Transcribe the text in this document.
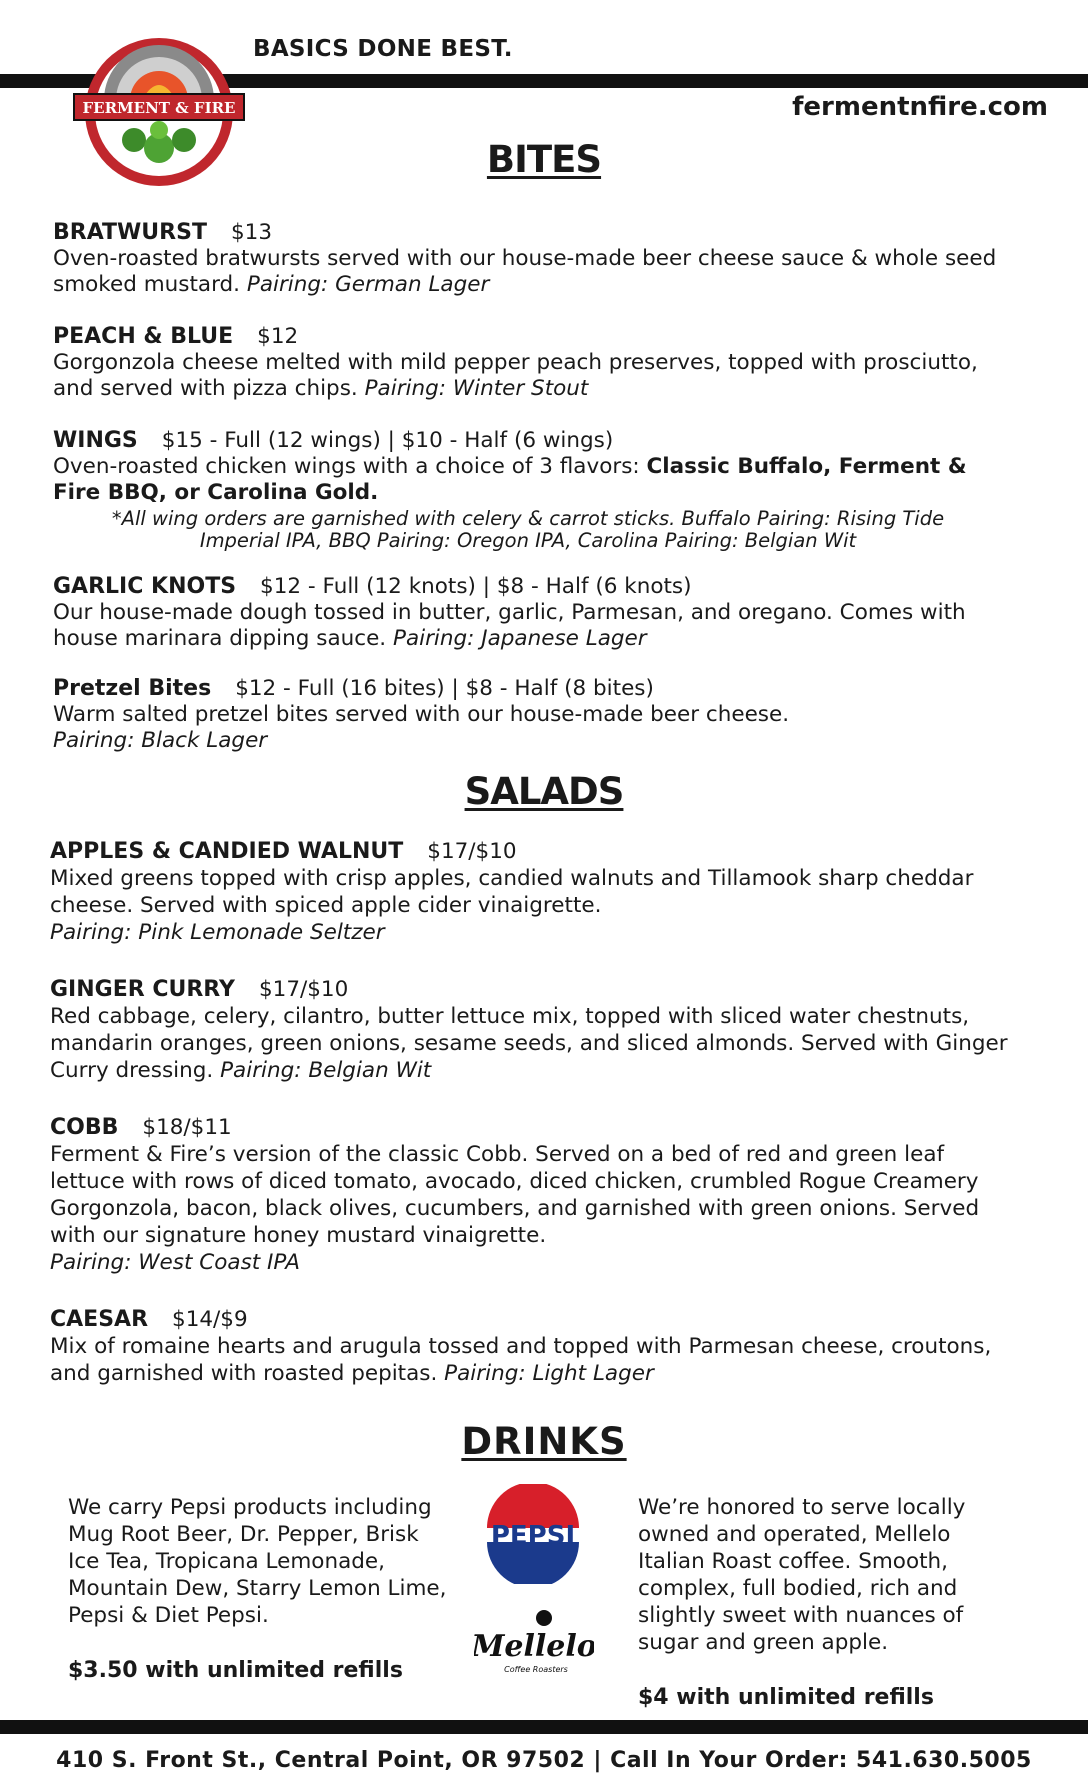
BASICS DONE BEST.
fermentnfire.com
FERMENT & FIRE
BITES

BRATWURST $13

Oven-roasted bratwursts served with our house-made beer cheese sauce & whole seed smoked mustard. Pairing: German Lager

PEACH & BLUE $12

Gorgonzola cheese melted with mild pepper peach preserves, topped with prosciutto, and served with pizza chips. Pairing: Winter Stout

WINGS $15 - Full (12 wings) | $10 - Half (6 wings)

Oven-roasted chicken wings with a choice of 3 flavors: Classic Buffalo, Ferment & Fire BBQ, or Carolina Gold.

*All wing orders are garnished with celery & carrot sticks. Buffalo Pairing: Rising Tide Imperial IPA, BBQ Pairing: Oregon IPA, Carolina Pairing: Belgian Wit

GARLIC KNOTS $12 - Full (12 knots) | $8 - Half (6 knots)

Our house-made dough tossed in butter, garlic, Parmesan, and oregano. Comes with house marinara dipping sauce. Pairing: Japanese Lager

Pretzel Bites $12 - Full (16 bites) | $8 - Half (8 bites)

Warm salted pretzel bites served with our house-made beer cheese.

Pairing: Black Lager

SALADS

APPLES & CANDIED WALNUT $17/$10

Mixed greens topped with crisp apples, candied walnuts and Tillamook sharp cheddar cheese. Served with spiced apple cider vinaigrette.

Pairing: Pink Lemonade Seltzer

GINGER CURRY $17/$10

Red cabbage, celery, cilantro, butter lettuce mix, topped with sliced water chestnuts, mandarin oranges, green onions, sesame seeds, and sliced almonds. Served with Ginger Curry dressing. Pairing: Belgian Wit

COBB $18/$11

Ferment & Fire’s version of the classic Cobb. Served on a bed of red and green leaf lettuce with rows of diced tomato, avocado, diced chicken, crumbled Rogue Creamery Gorgonzola, bacon, black olives, cucumbers, and garnished with green onions. Served with our signature honey mustard vinaigrette.

Pairing: West Coast IPA

CAESAR $14/$9

Mix of romaine hearts and arugula tossed and topped with Parmesan cheese, croutons, and garnished with roasted pepitas. Pairing: Light Lager

DRINKS
We carry Pepsi products including Mug Root Beer, Dr. Pepper, Brisk Ice Tea, Tropicana Lemonade, Mountain Dew, Starry Lemon Lime, Pepsi & Diet Pepsi.
$3.50 with unlimited refills
PEPSI
Mellelo
Coffee Roasters
We’re honored to serve locally owned and operated, Mellelo Italian Roast coffee. Smooth, complex, full bodied, rich and slightly sweet with nuances of sugar and green apple.
$4 with unlimited refills
410 S. Front St., Central Point, OR 97502 | Call In Your Order: 541.630.5005
